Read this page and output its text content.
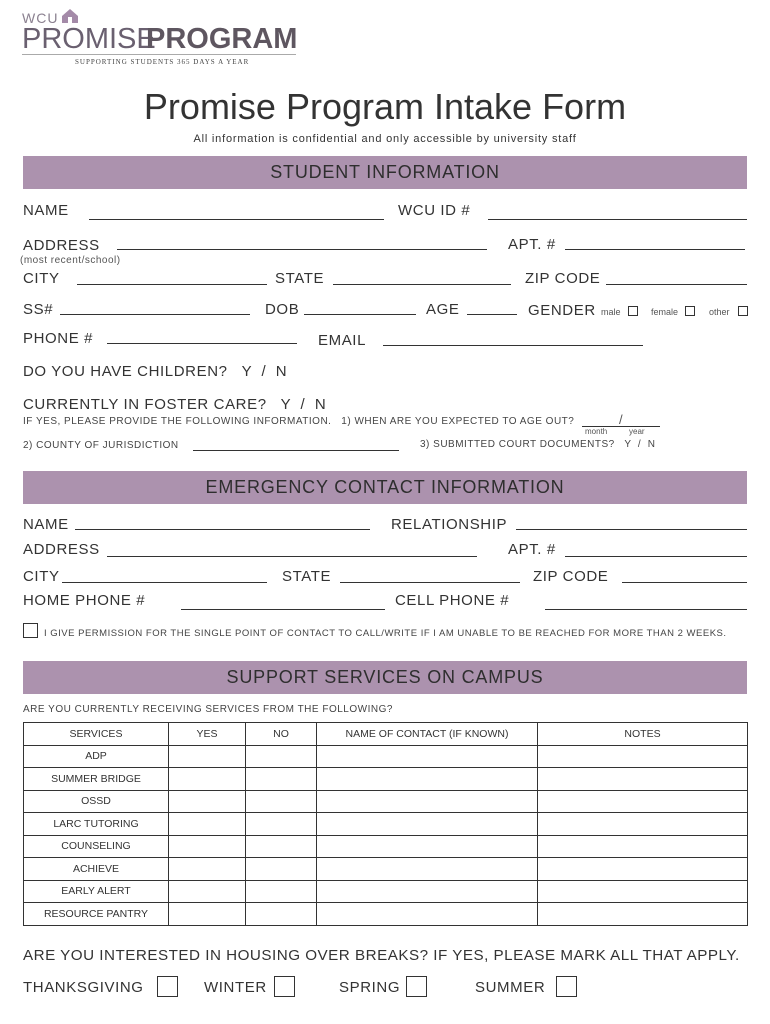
WCU
PROMISE
PROGRAM
SUPPORTING STUDENTS 365 DAYS A YEAR
Promise Program Intake Form
All information is confidential and only accessible by university staff
STUDENT INFORMATION
NAME	WCU ID #
ADDRESS	APT. #
(most recent/school)
CITY	STATE	ZIP CODE
SS#	DOB	AGE	GENDER male	female	other
PHONE #	EMAIL
DO YOU HAVE CHILDREN?   Y  /  N
CURRENTLY IN FOSTER CARE?   Y  /  N
IF YES, PLEASE PROVIDE THE FOLLOWING INFORMATION.   1) WHEN ARE YOU EXPECTED TO AGE OUT?	/
month	year
2) COUNTY OF JURISDICTION	3) SUBMITTED COURT DOCUMENTS?   Y  /  N
EMERGENCY CONTACT INFORMATION
NAME	RELATIONSHIP
ADDRESS	APT. #
CITY	STATE	ZIP CODE
HOME PHONE #	CELL PHONE #
I GIVE PERMISSION FOR THE SINGLE POINT OF CONTACT TO CALL/WRITE IF I AM UNABLE TO BE REACHED FOR MORE THAN 2 WEEKS.
SUPPORT SERVICES ON CAMPUS
ARE YOU CURRENTLY RECEIVING SERVICES FROM THE FOLLOWING?
SERVICES	YES	NO	NAME OF CONTACT (IF KNOWN)	NOTES
ADP				
SUMMER BRIDGE				
OSSD				
LARC TUTORING				
COUNSELING				
ACHIEVE				
EARLY ALERT				
RESOURCE PANTRY				
ARE YOU INTERESTED IN HOUSING OVER BREAKS? IF YES, PLEASE MARK ALL THAT APPLY.
THANKSGIVING	WINTER	SPRING	SUMMER
